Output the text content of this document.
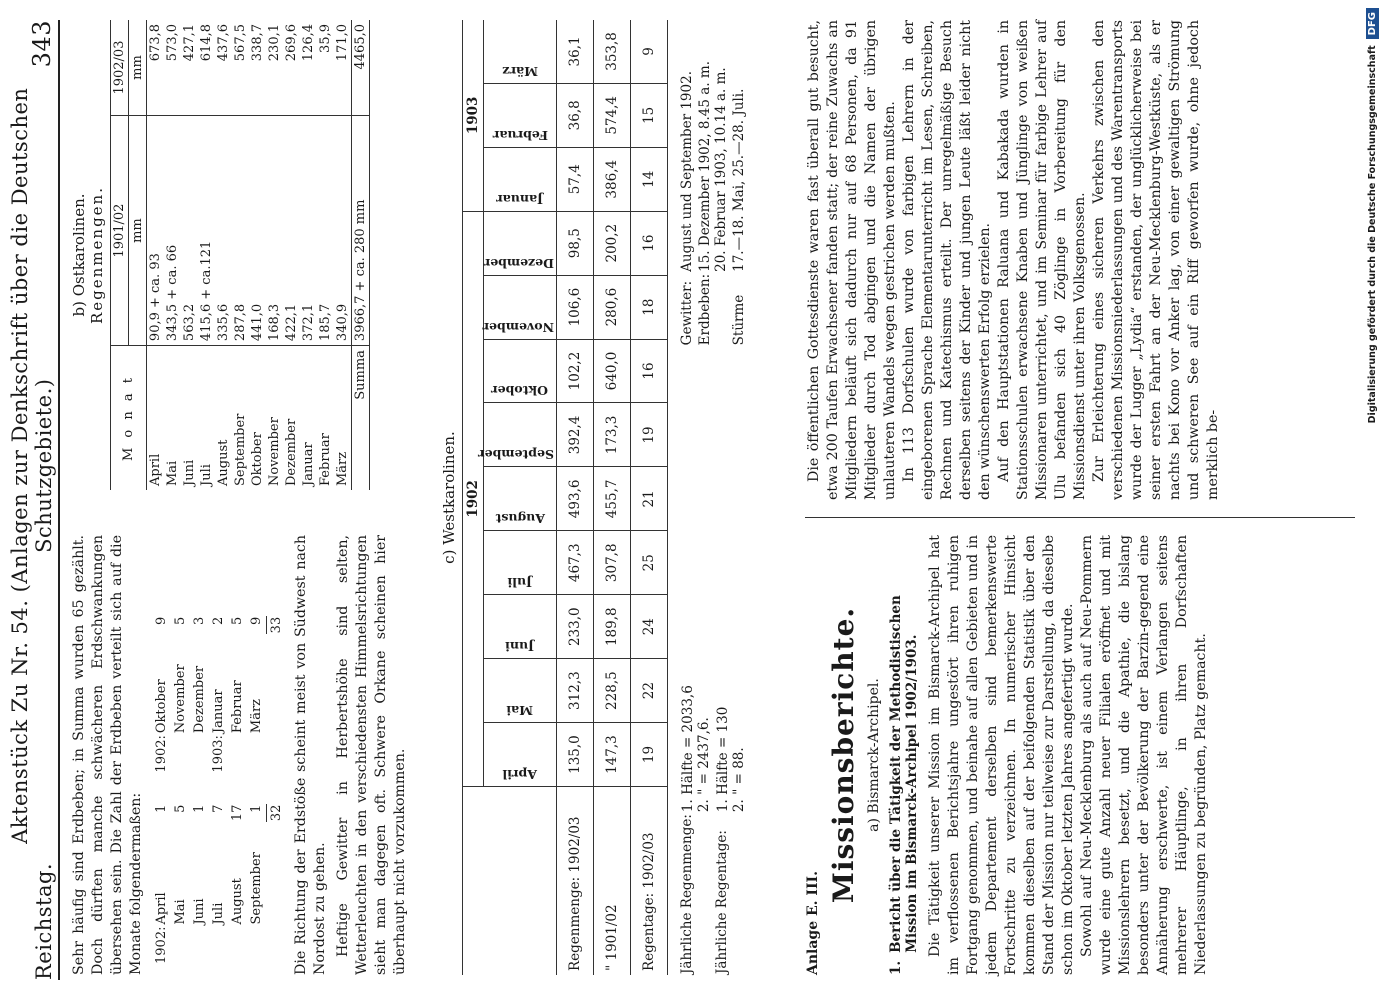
Reichstag.
Aktenstück Zu Nr. 54. (Anlagen zur Denkschrift über die Deutschen Schutzgebiete.)
343

Sehr häufig sind Erdbeben; in Summa wurden 65 gezählt. Doch dürften manche schwächeren Erdschwankungen übersehen sein. Die Zahl der Erdbeben verteilt sich auf die Monate folgendermaßen: 1902:	April	1
	Mai	5
	Juni	1
	Juli	7
	August	17
	September	1
		32
1902:	Oktober	9
	November	5
	Dezember	3
1903:	Januar	2
	Februar	5
	März	9
		33 Die Richtung der Erdstöße scheint meist von Südwest nach Nordost zu gehen. Heftige Gewitter in Herbertshöhe sind selten, Wetterleuchten in den verschiedensten Himmelsrichtungen sieht man dagegen oft. Schwere Orkane scheinen hier überhaupt nicht vorzukommen.

b) Ostkarolinen. Regenmengen.
M o n a t	1901/02	1902/03
	mm	mm
April	90,9 + ca. 93	673,8
Mai	343,5 + ca. 66	573,0
Juni	563,2	427,1
Juli	415,6 + ca.121	614,8
August	335,6	437,6
September	287,8	567,5
Oktober	441,0	338,7
November	168,3	230,1
Dezember	422,1	269,6
Januar	372,1	126,4
Februar	185,7	35,9
März	340,9	171,0
Summa	3966,7 + ca. 280 mm	4465,0
c) Westkarolinen.
	1902									1903		

	April	Mai	Juni	Juli	August	September	Oktober	November	Dezember	Januar	Februar	März

Regenmenge: 1902/03	135,0	312,3	233,0	467,3	493,6	392,4	102,2	106,6	98,5	57,4	36,8	36,1
" 1901/02	147,3	228,5	189,8	307,8	455,7	173,3	640,0	280,6	200,2	386,4	574,4	353,8
Regentage: 1902/03	19	22	24	25	21	19	16	18	16	14	15	9
Jährliche Regenmenge:	1. Hälfte = 2033,6 2. " = 2437,6.

Jährliche Regentage:	1. Hälfte = 130 2. " = 88.
Gewitter:	August und September 1902.
Erdbeben:	15. Dezember 1902, 8.45 a. m. 20. Februar 1903, 10.14 a. m.

Stürme	17.—18. Mai, 25.—28. Juli.
Anlage E. III.
Missionsberichte. a) Bismarck-Archipel.
1.
Bericht über die Tätigkeit der Methodistischen Mission im Bismarck-Archipel 1902/1903. Die Tätigkeit unserer Mission im Bismarck-Archipel hat im verflossenen Berichtsjahre ungestört ihren ruhigen Fortgang genommen, und beinahe auf allen Gebieten und in jedem Departement derselben sind bemerkenswerte Fortschritte zu verzeichnen. In numerischer Hinsicht kommen dieselben auf der beifolgenden Statistik über den Stand der Mission nur teilweise zur Darstellung, da dieselbe schon im Oktober letzten Jahres angefertigt wurde. Sowohl auf Neu-Mecklenburg als auch auf Neu-Pommern wurde eine gute Anzahl neuer Filialen eröffnet und mit Missionslehrern besetzt, und die Apathie, die bislang besonders unter der Bevölkerung der Barzin-gegend eine Annäherung erschwerte, ist einem Verlangen seitens mehrerer Häuptlinge, in ihren Dorfschaften Niederlassungen zu begründen, Platz gemacht.

Die öffentlichen Gottesdienste waren fast überall gut besucht, etwa 200 Taufen Erwachsener fanden statt; der reine Zuwachs an Mitgliedern beläuft sich dadurch nur auf 68 Personen, da 91 Mitglieder durch Tod abgingen und die Namen der übrigen unlauteren Wandels wegen gestrichen werden mußten. In 113 Dorfschulen wurde von farbigen Lehrern in der eingeborenen Sprache Elementarunterricht im Lesen, Schreiben, Rechnen und Katechismus erteilt. Der unregelmäßige Besuch derselben seitens der Kinder und jungen Leute läßt leider nicht den wünschenswerten Erfolg erzielen. Auf den Hauptstationen Raluana und Kabakada wurden in Stationsschulen erwachsene Knaben und Jünglinge von weißen Missionaren unterrichtet, und im Seminar für farbige Lehrer auf Ulu befanden sich 40 Zöglinge in Vorbereitung für den Missionsdienst unter ihren Volksgenossen. Zur Erleichterung eines sicheren Verkehrs zwischen den verschiedenen Missionsniederlassungen und des Warentransports wurde der Lugger „Lydia“ erstanden, der unglücklicherweise bei seiner ersten Fahrt an der Neu-Mecklenburg-Westküste, als er nachts bei Kono vor Anker lag, von einer gewaltigen Strömung und schweren See auf ein Riff geworfen wurde, ohne jedoch merklich be-

Digitalisierung gefördert durch die Deutsche Forschungsgemeinschaft
DFG
